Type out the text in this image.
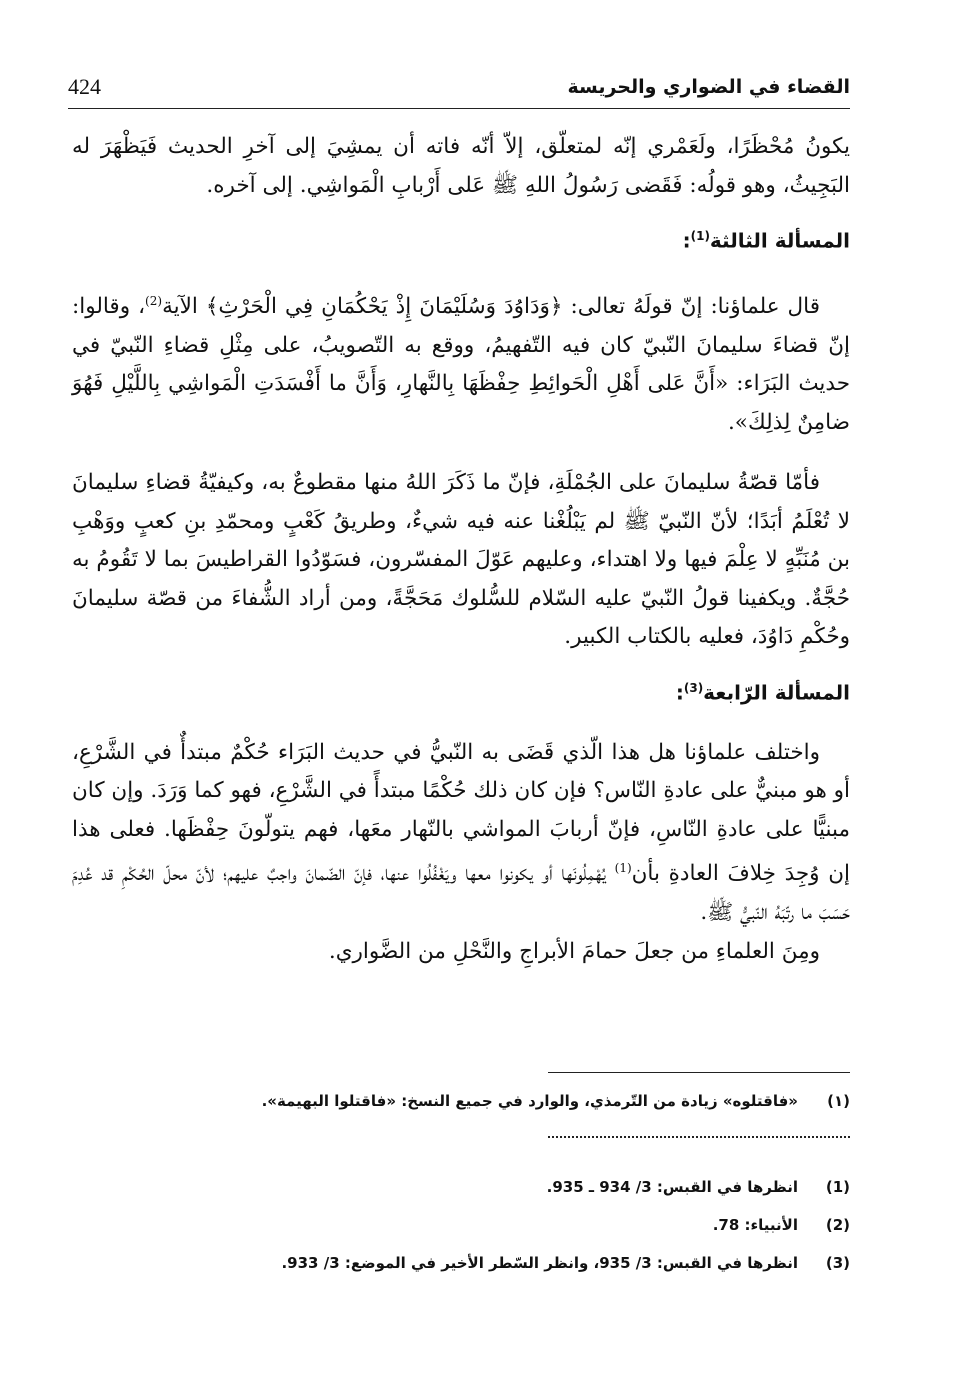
424	القضاء في الضواري والحريسة

يكونُ مُحْظَرًا، ولَعَمْري إنّه لمتعلّق، إلاّ أنّه فاته أن يمشِيَ إلى آخرِ الحديث فَيَظْهَرَ له البَجِيثُ، وهو قولُه: فَقَضى رَسُولُ اللهِ ﷺ عَلى أَرْبابِ الْمَواشِي. إلى آخره.

المسألة الثالثة$^{(1)}$:

قال علماؤنا: إنّ قولَهُ تعالى: ﴿وَدَاوُدَ وَسُلَيْمَانَ إِذْ يَحْكُمَانِ فِي الْحَرْثِ﴾ الآية$^{(2)}$، وقالوا: إنّ قضاءَ سليمانَ النّبيّ كان فيه التّفهيمُ، ووقع به التّصويبُ، على مِثْلِ قضاءِ النّبيّ في حديث البَرَاء: «أَنَّ عَلى أَهْلِ الْحَوائِطِ حِفْظَهَا بِالنَّهارِ، وَأَنَّ ما أَفْسَدَتِ الْمَواشِي بِاللَّيْلِ فَهُوَ ضامِنٌ لِذلِكَ».

فأمّا قصّةُ سليمانَ على الجُمْلَةِ، فإنّ ما ذَكَرَ اللهُ منها مقطوعٌ به، وكيفيّةُ قضاءِ سليمانَ لا تُعْلَمُ أبَدًا؛ لأنّ النّبيّ ﷺ لم يَبْلُغْنا عنه فيه شيءٌ، وطريقُ كَعْبٍ ومحمّدِ بنِ كعبٍ ووَهْبِ بن مُنَبِّهٍ لا عِلْمَ فيها ولا اهتداء، وعليهم عَوّلَ المفسّرون، فسَوّدُوا القراطيسَ بما لا تَقُومُ به حُجَّةٌ. ويكفينا قولُ النّبيّ عليه السّلام للسُّلوك مَحَجَّةً، ومن أراد الشُّفاءَ من قصّة سليمانَ وحُكْمِ دَاوُدَ، فعليه بالكتاب الكبير.

المسألة الرّابعة$^{(3)}$:

واختلف علماؤنا هل هذا الّذي قَضَى به النّبيُّ في حديث البَرَاء حُكْمٌ مبتدأٌ في الشَّرْعِ، أو هو مبنيٌّ على عادةِ النّاس؟ فإن كان ذلك حُكْمًا مبتدأً في الشَّرْعِ، فهو كما وَرَدَ. وإن كان مبنيًّا على عادةِ النّاسِ، فإنّ أربابَ المواشي بالنّهار معَها، فهم يتولّونَ حِفْظَها. فعلى هذا إن وُجِدَ خِلافَ العادةِ بأن$^{(1)}$ يُهْمِلُونَها أو يكونوا معها ويَغْفُلُوا عنها، فإنّ الضّمانَ واجبٌ عليهم؛ لأنّ محلّ الحُكْمِ قد عُدِمَ حَسَبَ ما رتّبَهُ النّبيُّ ﷺ.

ومِنَ العلماءِ من جعلَ حمامَ الأبراجِ والنَّحْلِ من الضَّواري.

(١)
«فاقتلوه» زيادة من التّرمذي، والوارد في جميع النسخ: «فاقتلوا البهيمة».
(1)
انظرها في القبس: 3/ 934 ـ 935.
(2)
الأنبياء: 78.
(3)
انظرها في القبس: 3/ 935، وانظر السّطر الأخير في الموضع: 3/ 933.
